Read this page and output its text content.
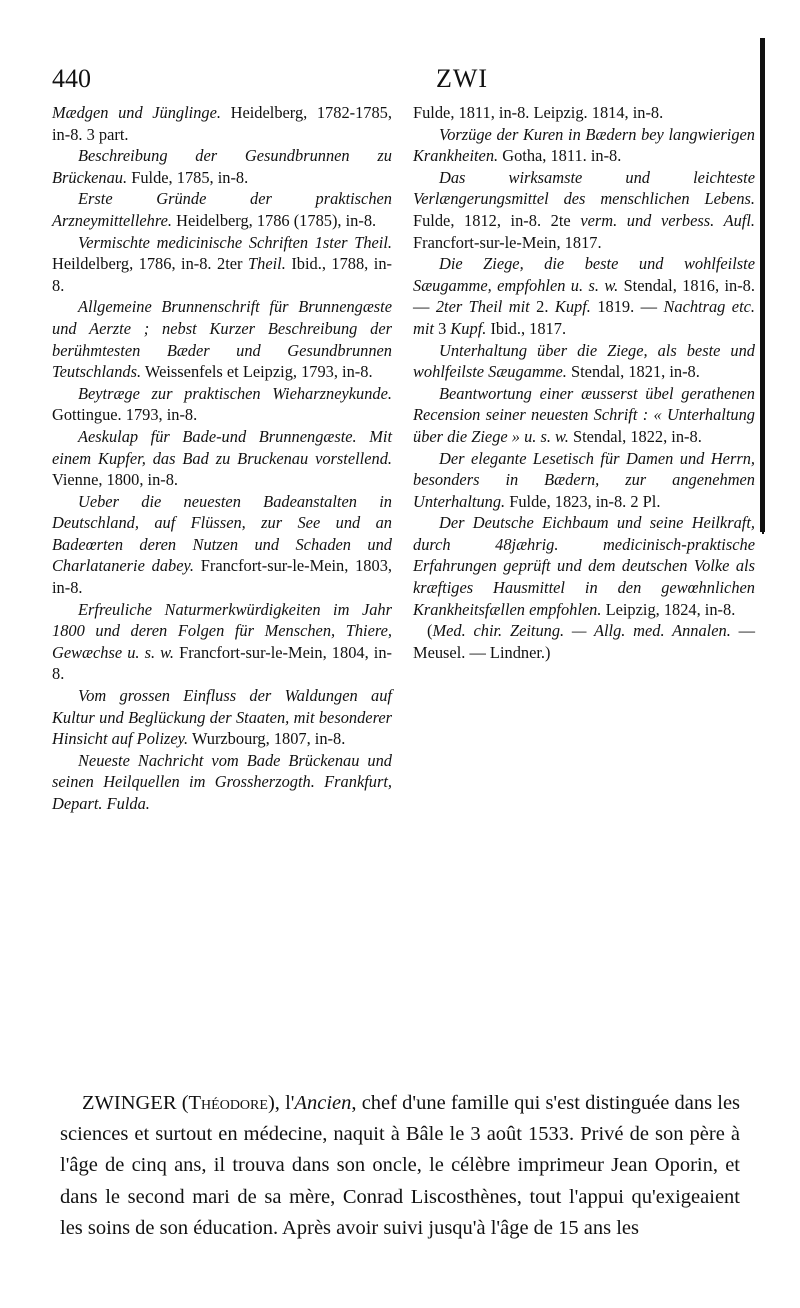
440	ZWI

Mædgen und Jünglinge. Heidelberg, 1782-1785, in-8. 3 part.

Beschreibung der Gesundbrunnen zu Brückenau. Fulde, 1785, in-8.

Erste Gründe der praktischen Arzneymittellehre. Heidelberg, 1786 (1785), in-8.

Vermischte medicinische Schriften 1ster Theil. Heildelberg, 1786, in-8. 2ter Theil. Ibid., 1788, in-8.

Allgemeine Brunnenschrift für Brunnengæste und Aerzte ; nebst Kurzer Beschreibung der berühmtesten Bæder und Gesundbrunnen Teutschlands. Weissenfels et Leipzig, 1793, in-8.

Beytræge zur praktischen Wieharzneykunde. Gottingue. 1793, in-8.

Aeskulap für Bade-und Brunnengæste. Mit einem Kupfer, das Bad zu Bruckenau vorstellend. Vienne, 1800, in-8.

Ueber die neuesten Badeanstalten in Deutschland, auf Flüssen, zur See und an Badeœrten deren Nutzen und Schaden und Charlatanerie dabey. Francfort-sur-le-Mein, 1803, in-8.

Erfreuliche Naturmerkwürdigkeiten im Jahr 1800 und deren Folgen für Menschen, Thiere, Gewæchse u. s. w. Francfort-sur-le-Mein, 1804, in-8.

Vom grossen Einfluss der Waldungen auf Kultur und Beglückung der Staaten, mit besonderer Hinsicht auf Polizey. Wurzbourg, 1807, in-8.

Neueste Nachricht vom Bade Brückenau und seinen Heilquellen im Grossherzogth. Frankfurt, Depart. Fulda.

Fulde, 1811, in-8. Leipzig. 1814, in-8.

Vorzüge der Kuren in Bædern bey langwierigen Krankheiten. Gotha, 1811. in-8.

Das wirksamste und leichteste Verlængerungsmittel des menschlichen Lebens. Fulde, 1812, in-8. 2te verm. und verbess. Aufl. Francfort-sur-le-Mein, 1817.

Die Ziege, die beste und wohlfeilste Sæugamme, empfohlen u. s. w. Stendal, 1816, in-8. — 2ter Theil mit 2. Kupf. 1819. — Nachtrag etc. mit 3 Kupf. Ibid., 1817.

Unterhaltung über die Ziege, als beste und wohlfeilste Sæugamme. Stendal, 1821, in-8.

Beantwortung einer æusserst übel gerathenen Recension seiner neuesten Schrift : « Unterhaltung über die Ziege » u. s. w. Stendal, 1822, in-8.

Der elegante Lesetisch für Damen und Herrn, besonders in Bædern, zur angenehmen Unterhaltung. Fulde, 1823, in-8. 2 Pl.

Der Deutsche Eichbaum und seine Heilkraft, durch 48jæhrig. medicinisch-praktische Erfahrungen geprüft und dem deutschen Volke als kræftiges Hausmittel in den gewœhnlichen Krankheitsfællen empfohlen. Leipzig, 1824, in-8.

(Med. chir. Zeitung. — Allg. med. Annalen. — Meusel. — Lindner.)

ZWINGER (Théodore), l'Ancien, chef d'une famille qui s'est distinguée dans les sciences et surtout en médecine, naquit à Bâle le 3 août 1533. Privé de son père à l'âge de cinq ans, il trouva dans son oncle, le célèbre imprimeur Jean Oporin, et dans le second mari de sa mère, Conrad Liscosthènes, tout l'appui qu'exigeaient les soins de son éducation. Après avoir suivi jusqu'à l'âge de 15 ans les
